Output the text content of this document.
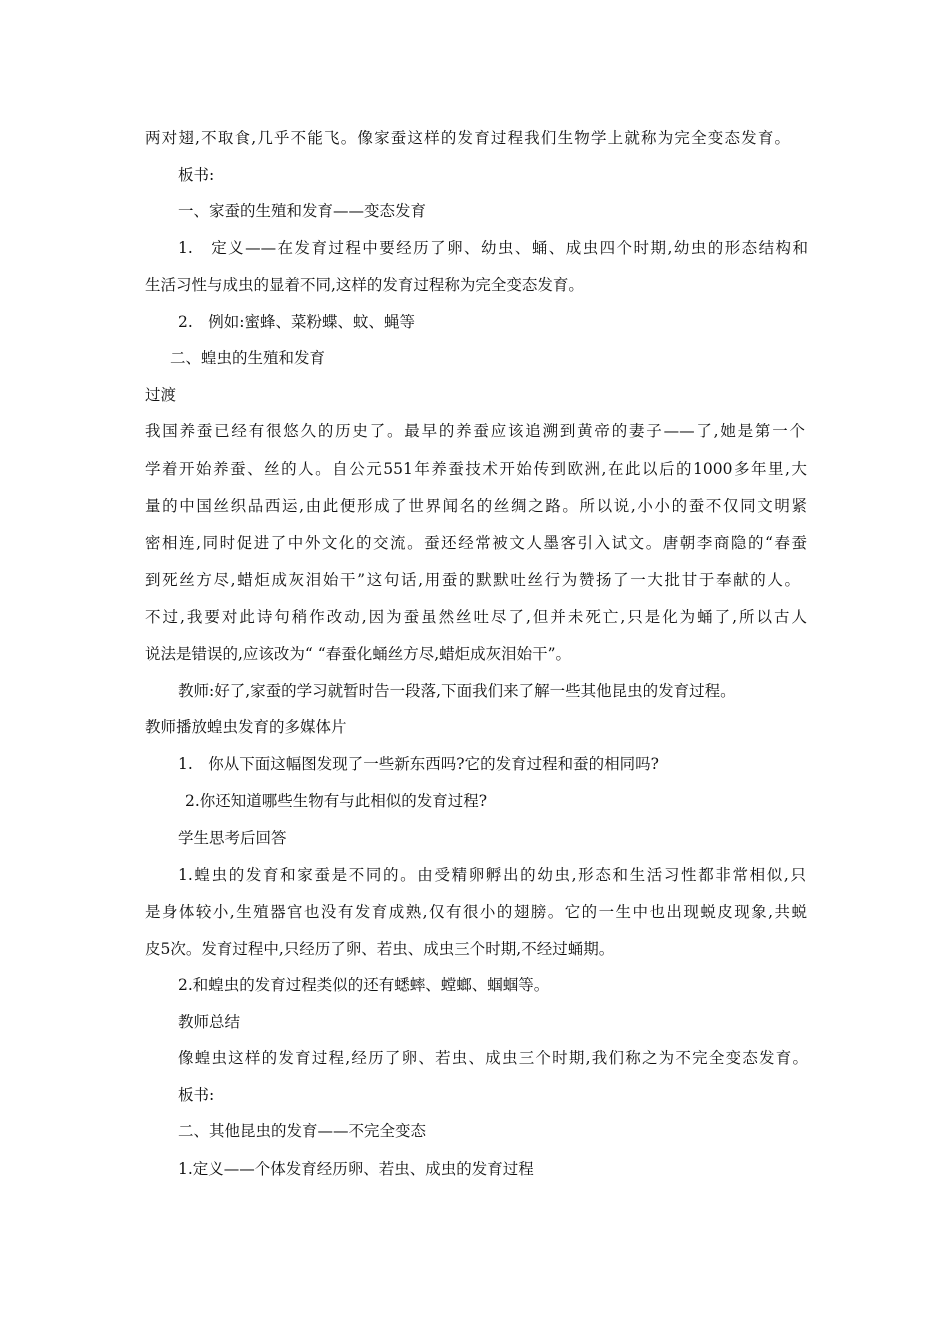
两对翅,不取食,几乎不能飞。像家蚕这样的发育过程我们生物学上就称为完全变态发育。
板书:
一、家蚕的生殖和发育——变态发育
1.　定义——在发育过程中要经历了卵、幼虫、蛹、成虫四个时期,幼虫的形态结构和
生活习性与成虫的显着不同,这样的发育过程称为完全变态发育。
2.　例如:蜜蜂、菜粉蝶、蚊、蝇等
二、蝗虫的生殖和发育
过渡
我国养蚕已经有很悠久的历史了。最早的养蚕应该追溯到黄帝的妻子——了,她是第一个
学着开始养蚕、丝的人。自公元551年养蚕技术开始传到欧洲,在此以后的1000多年里,大
量的中国丝织品西运,由此便形成了世界闻名的丝绸之路。所以说,小小的蚕不仅同文明紧
密相连,同时促进了中外文化的交流。蚕还经常被文人墨客引入试文。唐朝李商隐的“春蚕
到死丝方尽,蜡炬成灰泪始干”这句话,用蚕的默默吐丝行为赞扬了一大批甘于奉献的人。
不过,我要对此诗句稍作改动,因为蚕虽然丝吐尽了,但并未死亡,只是化为蛹了,所以古人
说法是错误的,应该改为“ “春蚕化蛹丝方尽,蜡炬成灰泪始干”。
教师:好了,家蚕的学习就暂时告一段落,下面我们来了解一些其他昆虫的发育过程。
教师播放蝗虫发育的多媒体片
1.　你从下面这幅图发现了一些新东西吗?它的发育过程和蚕的相同吗?
2.你还知道哪些生物有与此相似的发育过程?
学生思考后回答
1.蝗虫的发育和家蚕是不同的。由受精卵孵出的幼虫,形态和生活习性都非常相似,只
是身体较小,生殖器官也没有发育成熟,仅有很小的翅膀。它的一生中也出现蜕皮现象,共蜕
皮5次。发育过程中,只经历了卵、若虫、成虫三个时期,不经过蛹期。
2.和蝗虫的发育过程类似的还有蟋蟀、螳螂、蝈蝈等。
教师总结
像蝗虫这样的发育过程,经历了卵、若虫、成虫三个时期,我们称之为不完全变态发育。
板书:
二、其他昆虫的发育——不完全变态
1.定义——个体发育经历卵、若虫、成虫的发育过程
